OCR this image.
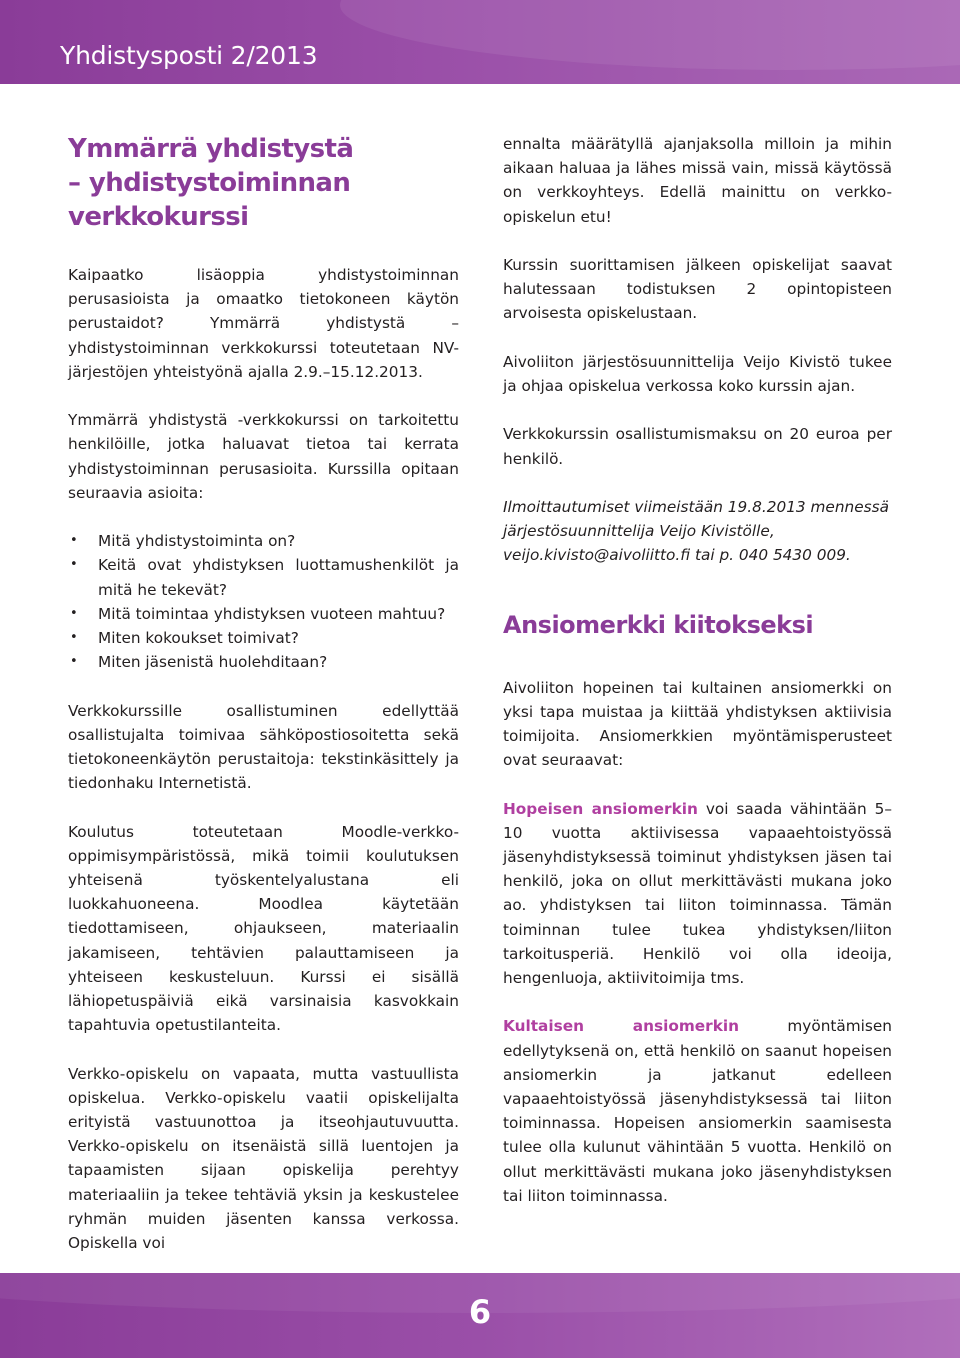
Yhdistysposti 2/2013
Ymmärrä yhdistystä
– yhdistystoiminnan
verkkokurssi

Kaipaatko lisäoppia yhdistystoiminnan perusasioista ja omaatko tietokoneen käytön perustaidot? Ymmärrä yhdistystä – yhdistystoiminnan verkkokurssi toteutetaan NV-järjestöjen yhteistyönä ajalla 2.9.–15.12.2013.

Ymmärrä yhdistystä -verkkokurssi on tarkoitettu henkilöille, jotka haluavat tietoa tai kerrata yhdistystoiminnan perusasioita. Kurssilla opitaan seuraavia asioita:

• Mitä yhdistystoiminta on?
• Keitä ovat yhdistyksen luottamushenkilöt ja mitä he tekevät?
• Mitä toimintaa yhdistyksen vuoteen mahtuu?
• Miten kokoukset toimivat?
• Miten jäsenistä huolehditaan?

Verkkokurssille osallistuminen edellyttää osallistujalta toimivaa sähköpostiosoitetta sekä tietokoneenkäytön perustaitoja: tekstinkäsittely ja tiedonhaku Internetistä.

Koulutus toteutetaan Moodle-verkko-oppimisympäristössä, mikä toimii koulutuksen yhteisenä työskentelyalustana eli luokkahuoneena. Moodlea käytetään tiedottamiseen, ohjaukseen, materiaalin jakamiseen, tehtävien palauttamiseen ja yhteiseen keskusteluun. Kurssi ei sisällä lähiopetuspäiviä eikä varsinaisia kasvokkain tapahtuvia opetustilanteita.

Verkko-opiskelu on vapaata, mutta vastuullista opiskelua. Verkko-opiskelu vaatii opiskelijalta erityistä vastuunottoa ja itseohjautuvuutta. Verkko-opiskelu on itsenäistä sillä luentojen ja tapaamisten sijaan opiskelija perehtyy materiaaliin ja tekee tehtäviä yksin ja keskustelee ryhmän muiden jäsenten kanssa verkossa. Opiskella voi

ennalta määrätyllä ajanjaksolla milloin ja mihin aikaan haluaa ja lähes missä vain, missä käytössä on verkkoyhteys. Edellä mainittu on verkko-opiskelun etu!

Kurssin suorittamisen jälkeen opiskelijat saavat halutessaan todistuksen 2 opintopisteen arvoisesta opiskelustaan.

Aivoliiton järjestösuunnittelija Veijo Kivistö tukee ja ohjaa opiskelua verkossa koko kurssin ajan.

Verkkokurssin osallistumismaksu on 20 euroa per henkilö.

Ilmoittautumiset viimeistään 19.8.2013 mennessä järjestösuunnittelija Veijo Kivistölle, veijo.kivisto@aivoliitto.fi tai p. 040 5430 009.

Ansiomerkki kiitokseksi

Aivoliiton hopeinen tai kultainen ansiomerkki on yksi tapa muistaa ja kiittää yhdistyksen aktiivisia toimijoita. Ansiomerkkien myöntämisperusteet ovat seuraavat:

Hopeisen ansiomerkin voi saada vähintään 5–10 vuotta aktiivisessa vapaaehtoistyössä jäsenyhdistyksessä toiminut yhdistyksen jäsen tai henkilö, joka on ollut merkittävästi mukana joko ao. yhdistyksen tai liiton toiminnassa. Tämän toiminnan tulee tukea yhdistyksen/liiton tarkoitusperiä. Henkilö voi olla ideoija, hengenluoja, aktiivitoimija tms.

Kultaisen ansiomerkin myöntämisen edellytyksenä on, että henkilö on saanut hopeisen ansiomerkin ja jatkanut edelleen vapaaehtoistyössä jäsenyhdistyksessä tai liiton toiminnassa. Hopeisen ansiomerkin saamisesta tulee olla kulunut vähintään 5 vuotta. Henkilö on ollut merkittävästi mukana joko jäsenyhdistyksen tai liiton toiminnassa.

6
